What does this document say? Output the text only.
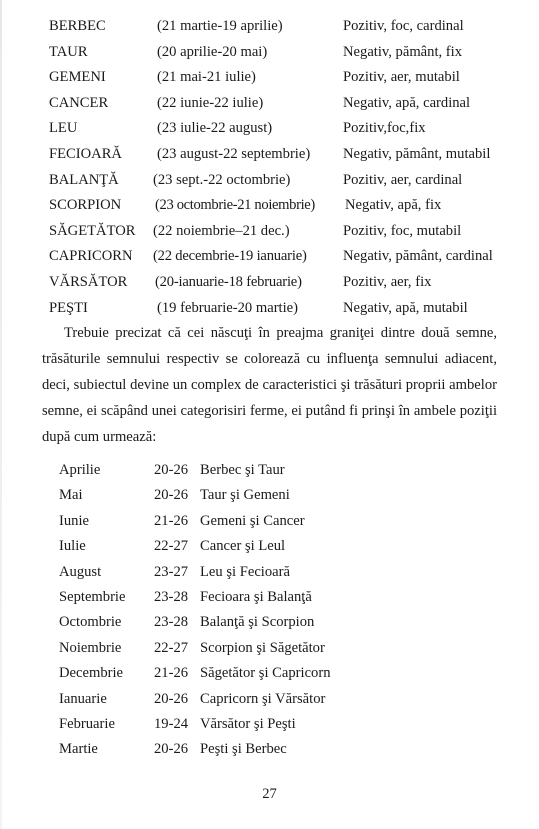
BERBEC	(21 martie-19 aprilie)	Pozitiv, foc, cardinal
TAUR	(20 aprilie-20 mai)	Negativ, pământ, fix
GEMENI	(21 mai-21 iulie)	Pozitiv, aer, mutabil
CANCER	(22 iunie-22 iulie)	Negativ, apă, cardinal
LEU	(23 iulie-22 august)	Pozitiv,foc,fix
FECIOARĂ (23 august-22 septembrie) Negativ, pământ, mutabil
BALANŢĂ (23 sept.-22 octombrie)	Pozitiv, aer, cardinal
SCORPION (23 octombrie-21 noiembrie) Negativ, apă, fix
SĂGETĂTOR (22 noiembrie–21 dec.)	Pozitiv, foc, mutabil
CAPRICORN (22 decembrie-19 ianuarie) Negativ, pământ, cardinal
VĂRSĂTOR (20-ianuarie-18 februarie)	Pozitiv, aer, fix
PEŞTI	(19 februarie-20 martie)	Negativ, apă, mutabil
Trebuie precizat că cei născuţi în preajma graniţei dintre două semne,
trăsăturile semnului respectiv se colorează cu influenţa semnului adiacent,
deci, subiectul devine un complex de caracteristici şi trăsături proprii ambelor
semne, ei scăpând unei categorisiri ferme, ei putând fi prinşi în ambele poziţii
după cum urmează:
Aprilie	20-26 Berbec şi Taur
Mai	20-26 Taur şi Gemeni
Iunie	21-26 Gemeni şi Cancer
Iulie	22-27 Cancer şi Leul
August	23-27 Leu şi Fecioară
Septembrie 23-28 Fecioara şi Balanţă
Octombrie 23-28 Balanţă şi Scorpion
Noiembrie 22-27 Scorpion şi Săgetător
Decembrie 21-26 Săgetător şi Capricorn
Ianuarie	20-26 Capricorn şi Vărsător
Februarie	19-24 Vărsător şi Peşti
Martie	20-26 Peşti şi Berbec
27
